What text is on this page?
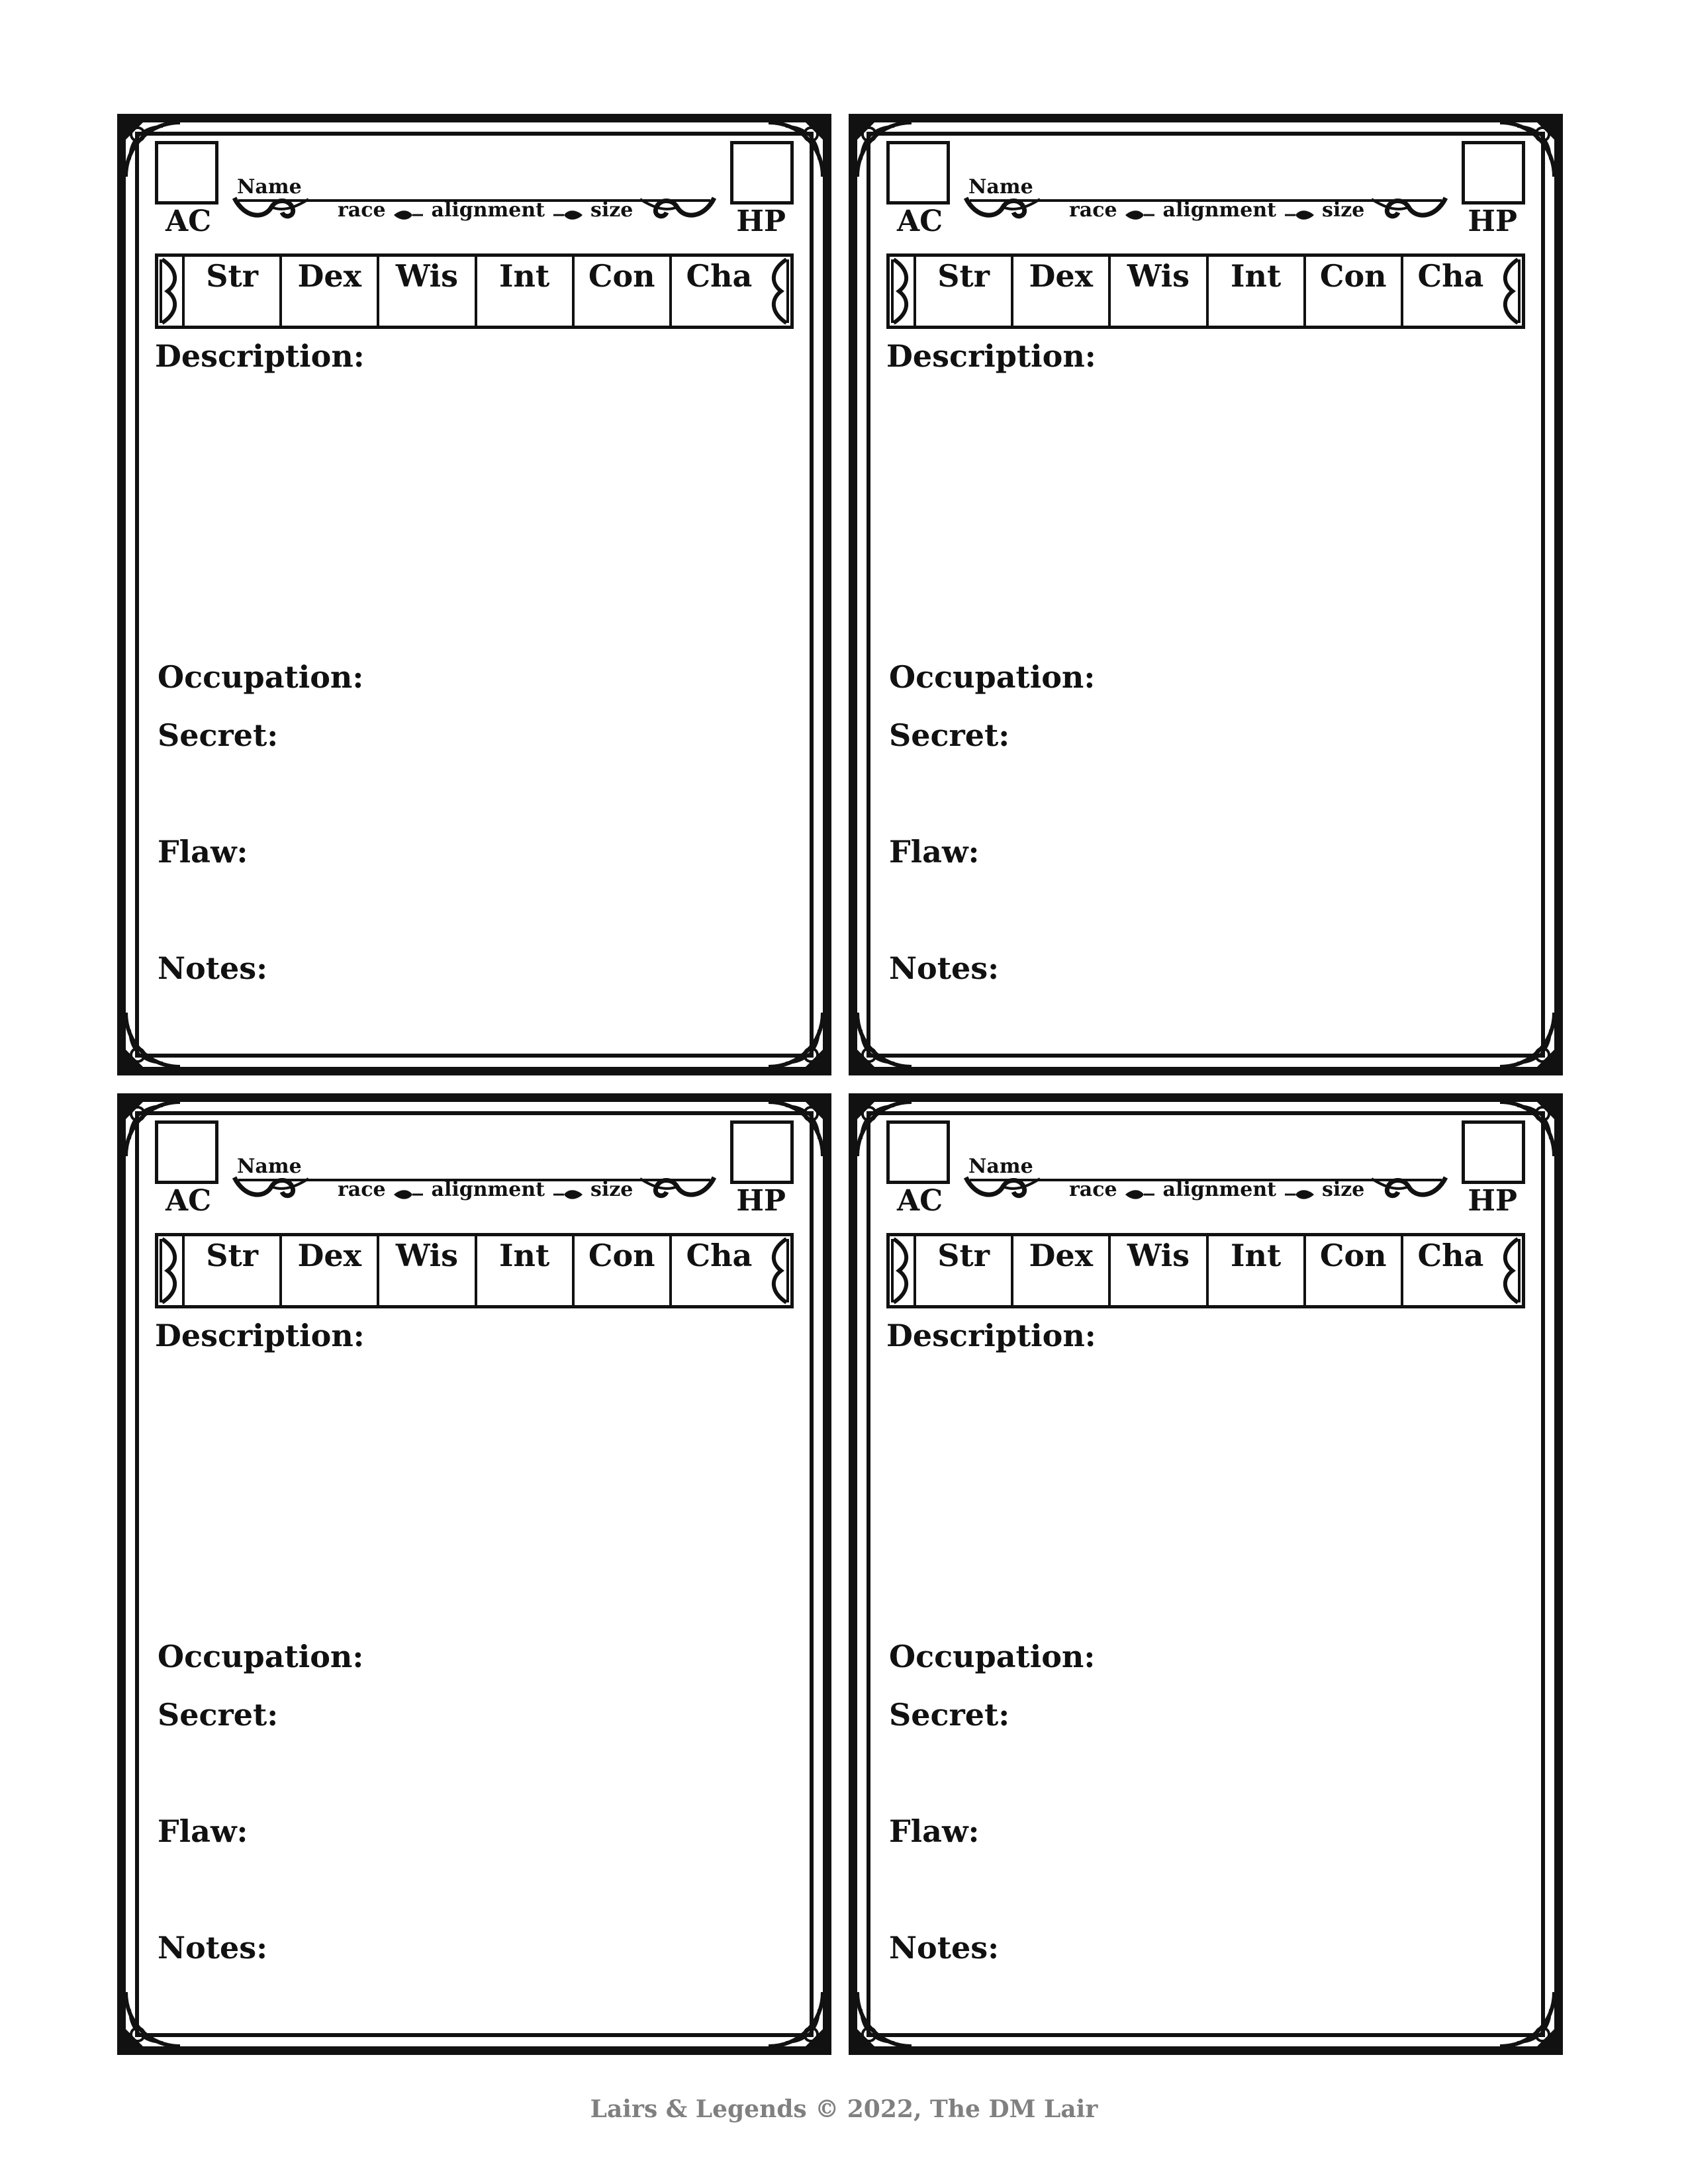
AC	HP
Name
race alignment size
Str	Dex	Wis	Int	Con	Cha
Description:
Occupation:
Secret:
Flaw:
Notes:
AC	HP
Name
race alignment size
Str	Dex	Wis	Int	Con	Cha
Description:
Occupation:
Secret:
Flaw:
Notes:
AC	HP
Name
race alignment size
Str	Dex	Wis	Int	Con	Cha
Description:
Occupation:
Secret:
Flaw:
Notes:
AC	HP
Name
race alignment size
Str	Dex	Wis	Int	Con	Cha
Description:
Occupation:
Secret:
Flaw:
Notes:
Lairs & Legends © 2022, The DM Lair
